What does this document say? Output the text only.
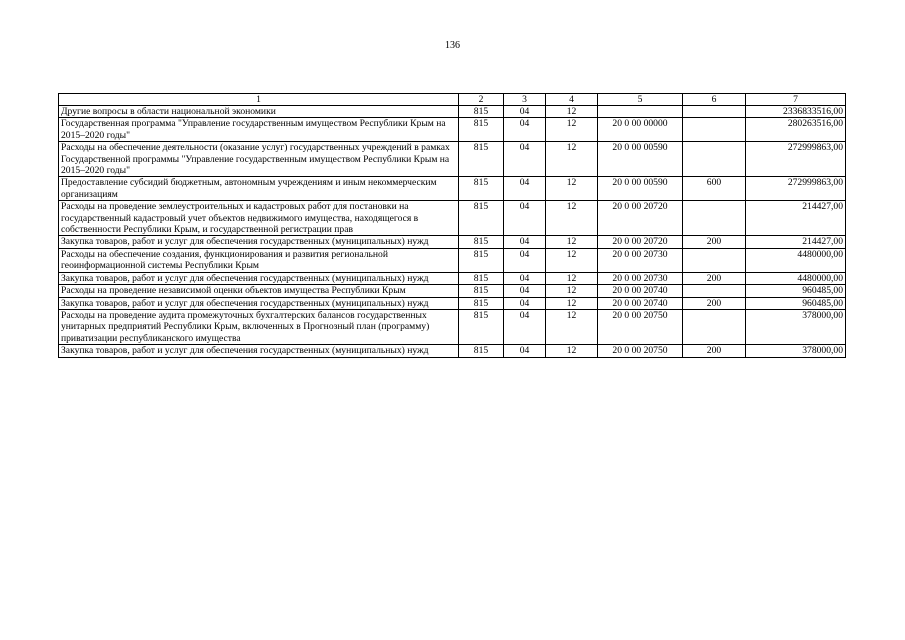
136
1	2	3	4	5	6	7
Другие вопросы в области национальной экономики	815	04	12			2336833516,00
Государственная программа "Управление государственным имуществом Республики Крым на 2015–2020 годы"	815	04	12	20 0 00 00000		280263516,00
Расходы на обеспечение деятельности (оказание услуг) государственных учреждений в рамках Государственной программы "Управление государственным имуществом Республики Крым на 2015–2020 годы"	815	04	12	20 0 00 00590		272999863,00
Предоставление субсидий бюджетным, автономным учреждениям и иным некоммерческим организациям	815	04	12	20 0 00 00590	600	272999863,00
Расходы на проведение землеустроительных и кадастровых работ для постановки на государственный кадастровый учет объектов недвижимого имущества, находящегося в собственности Республики Крым, и государственной регистрации прав	815	04	12	20 0 00 20720		214427,00
Закупка товаров, работ и услуг для обеспечения государственных (муниципальных) нужд	815	04	12	20 0 00 20720	200	214427,00
Расходы на обеспечение создания, функционирования и развития региональной геоинформационной системы Республики Крым	815	04	12	20 0 00 20730		4480000,00
Закупка товаров, работ и услуг для обеспечения государственных (муниципальных) нужд	815	04	12	20 0 00 20730	200	4480000,00
Расходы на проведение независимой оценки объектов имущества Республики Крым	815	04	12	20 0 00 20740		960485,00
Закупка товаров, работ и услуг для обеспечения государственных (муниципальных) нужд	815	04	12	20 0 00 20740	200	960485,00
Расходы на проведение аудита промежуточных бухгалтерских балансов государственных унитарных предприятий Республики Крым, включенных в Прогнозный план (программу) приватизации республиканского имущества	815	04	12	20 0 00 20750		378000,00
Закупка товаров, работ и услуг для обеспечения государственных (муниципальных) нужд	815	04	12	20 0 00 20750	200	378000,00
